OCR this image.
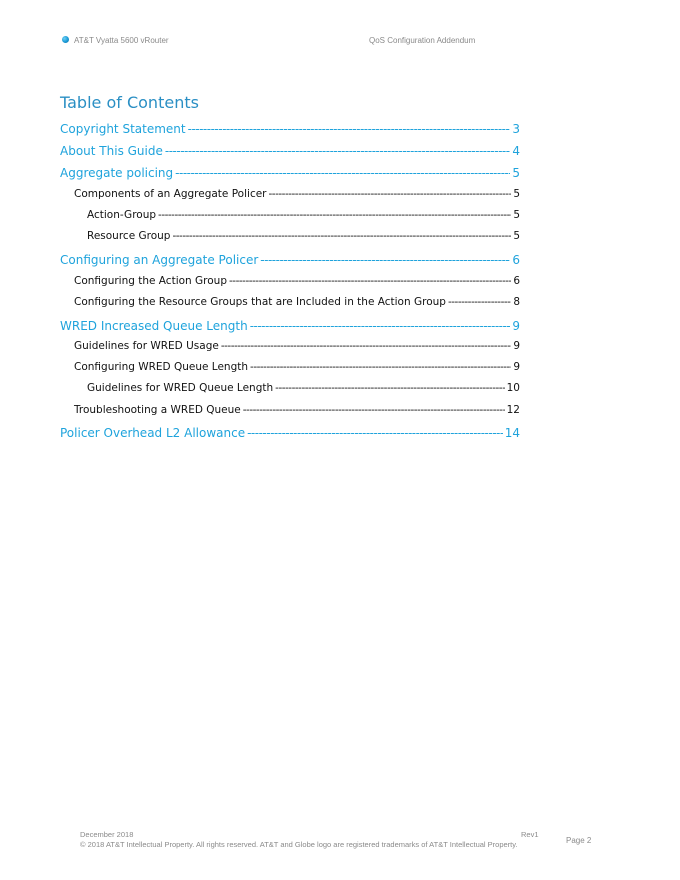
AT&T Vyatta 5600 vRouter	QoS Configuration Addendum
Table of Contents
Copyright Statement -----	3
About This Guide -----	4
Aggregate policing -----	5
Components of an Aggregate Policer -----	5
Action-Group -----	5
Resource Group -----	5
Configuring an Aggregate Policer -----	6
Configuring the Action Group -----	6
Configuring the Resource Groups that are Included in the Action Group -----	8
WRED Increased Queue Length -----	9
Guidelines for WRED Usage -----	9
Configuring WRED Queue Length -----	9
Guidelines for WRED Queue Length -----	10
Troubleshooting a WRED Queue -----	12
Policer Overhead L2 Allowance -----	14
December 2018	Rev1
© 2018 AT&T Intellectual Property. All rights reserved. AT&T and Globe logo are registered trademarks of AT&T Intellectual Property.	Page 2
